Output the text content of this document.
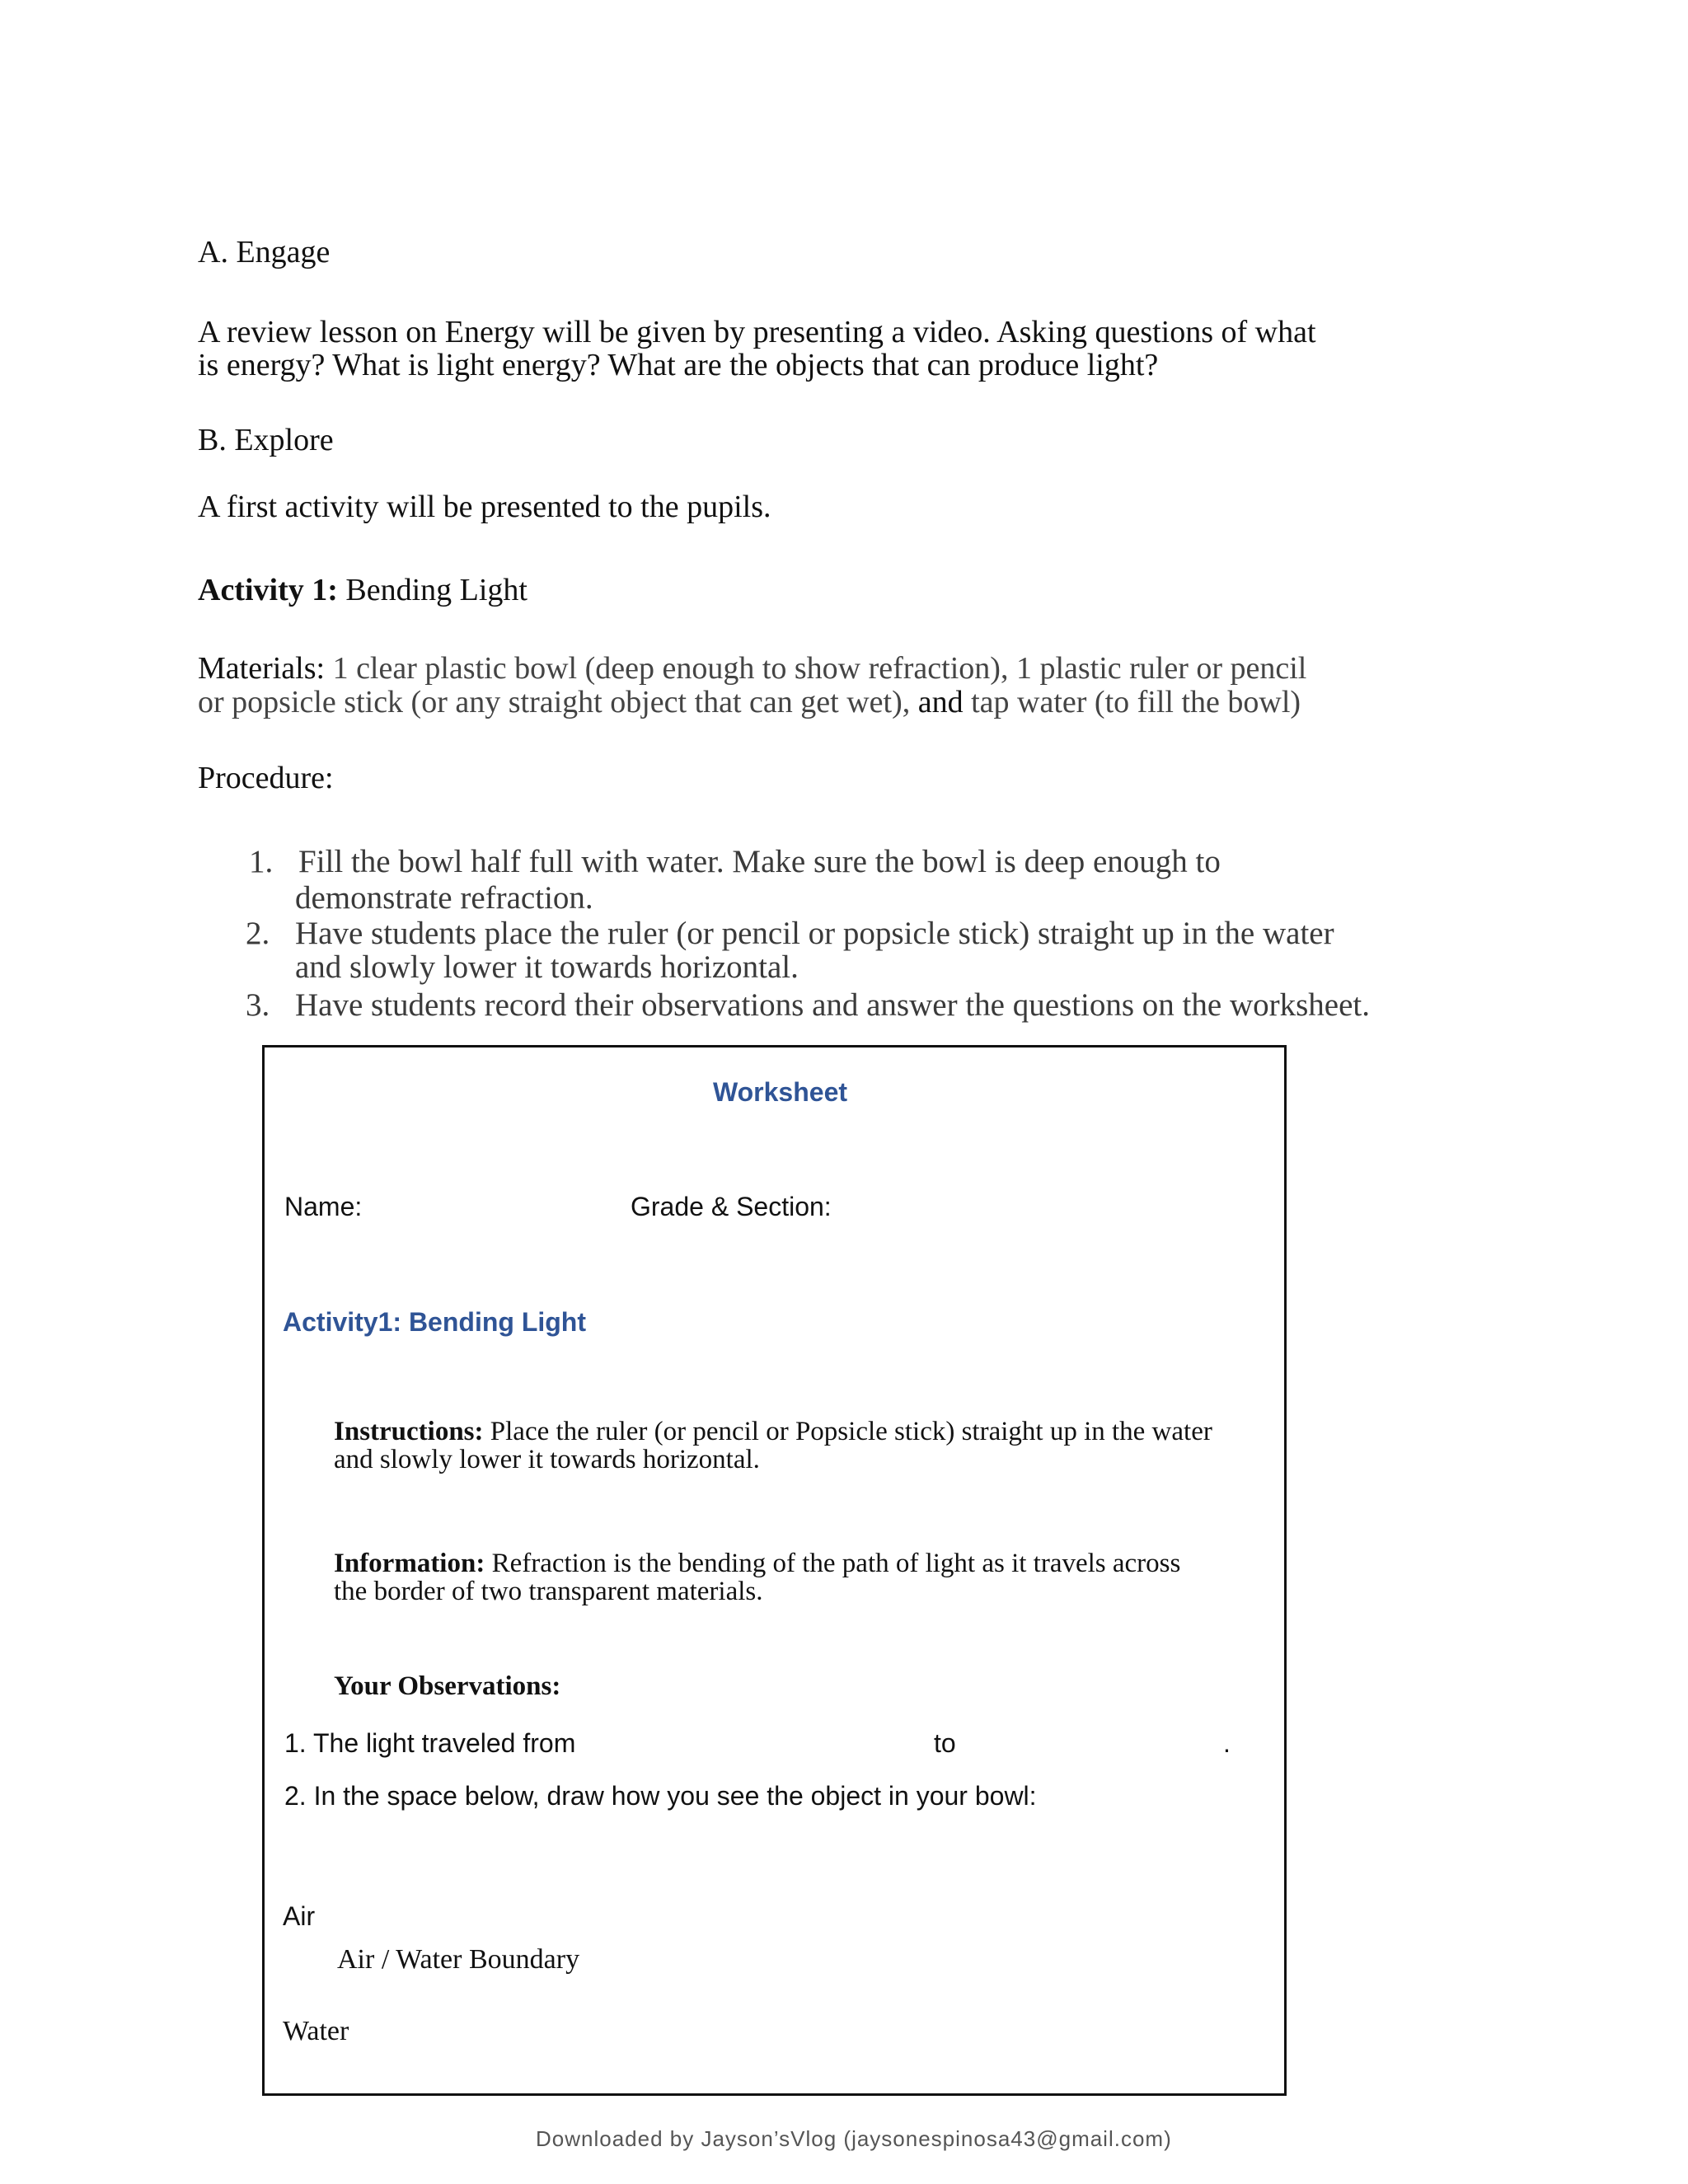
A. Engage
A review lesson on Energy will be given by presenting a video. Asking questions of what
is energy? What is light energy? What are the objects that can produce light?
B. Explore
A first activity will be presented to the pupils.
Activity 1: Bending Light
Materials: 1 clear plastic bowl (deep enough to show refraction), 1 plastic ruler or pencil
or popsicle stick (or any straight object that can get wet), and tap water (to fill the bowl)
Procedure:
1. Fill the bowl half full with water. Make sure the bowl is deep enough to
demonstrate refraction.
2. Have students place the ruler (or pencil or popsicle stick) straight up in the water
and slowly lower it towards horizontal.
3. Have students record their observations and answer the questions on the worksheet.
Worksheet
Name:	Grade & Section:
Activity1: Bending Light
Instructions: Place the ruler (or pencil or Popsicle stick) straight up in the water
and slowly lower it towards horizontal.
Information: Refraction is the bending of the path of light as it travels across
the border of two transparent materials.
Your Observations:
1. The light traveled from	to	.
2. In the space below, draw how you see the object in your bowl:
Air
Air / Water Boundary
Water
Downloaded by Jayson’sVlog (jaysonespinosa43@gmail.com)
